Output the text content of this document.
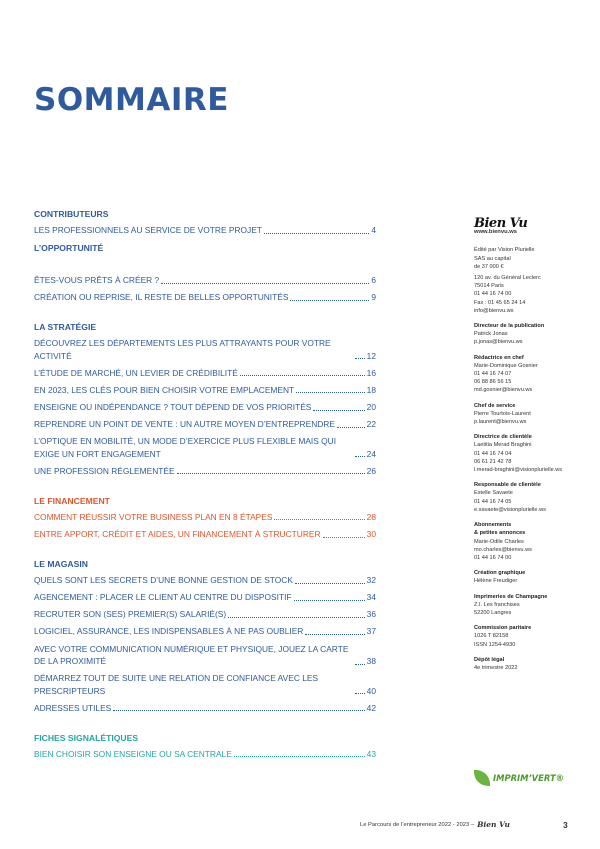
SOMMAIRE
CONTRIBUTEURS
LES PROFESSIONNELS AU SERVICE DE VOTRE PROJET	4
L’OPPORTUNITÉ
ÊTES-VOUS PRÊTS À CRÉER ?	6
CRÉATION OU REPRISE, IL RESTE DE BELLES OPPORTUNITÉS	9
LA STRATÉGIE
DÉCOUVREZ LES DÉPARTEMENTS LES PLUS ATTRAYANTS POUR VOTRE ACTIVITÉ	12
L’ÉTUDE DE MARCHÉ, UN LEVIER DE CRÉDIBILITÉ	16
EN 2023, LES CLÉS POUR BIEN CHOISIR VOTRE EMPLACEMENT	18
ENSEIGNE OU INDÉPENDANCE ? TOUT DÉPEND DE VOS PRIORITÉS	20
REPRENDRE UN POINT DE VENTE : UN AUTRE MOYEN D’ENTREPRENDRE	22
L’OPTIQUE EN MOBILITÉ, UN MODE D’EXERCICE PLUS FLEXIBLE MAIS QUI EXIGE UN FORT ENGAGEMENT	24
UNE PROFESSION RÉGLEMENTÉE	26
LE FINANCEMENT
COMMENT RÉUSSIR VOTRE BUSINESS PLAN EN 8 ÉTAPES	28
ENTRE APPORT, CRÉDIT ET AIDES, UN FINANCEMENT À STRUCTURER	30
LE MAGASIN
QUELS SONT LES SECRETS D’UNE BONNE GESTION DE STOCK	32
AGENCEMENT : PLACER LE CLIENT AU CENTRE DU DISPOSITIF	34
RECRUTER SON (SES) PREMIER(S) SALARIÉ(S)	36
LOGICIEL, ASSURANCE, LES INDISPENSABLES À NE PAS OUBLIER	37
AVEC VOTRE COMMUNICATION NUMÉRIQUE ET PHYSIQUE, JOUEZ LA CARTE DE LA PROXIMITÉ	38
DÉMARREZ TOUT DE SUITE UNE RELATION DE CONFIANCE AVEC LES PRESCRIPTEURS	40
ADRESSES UTILES	42
FICHES SIGNALÉTIQUES
BIEN CHOISIR SON ENSEIGNE OU SA CENTRALE	43
Bien Vu
www.bienvu.ws
Édité par Vision Plurielle
SAS au capital
de 37 000 €
120 av. du Général Leclerc
75014 Paris
01 44 16 74 00
Fax : 01 45 65 24 14
info@bienvu.ws
Directeur de la publication
Patrick Jonas
p.jonas@bienvu.ws
Rédactrice en chef
Marie-Dominique Gosnier
01 44 16 74 07
06 88 86 56 15
md.gosnier@bienvu.ws
Chef de service
Pierre Tourtois-Laurent
p.laurent@bienvu.ws
Directrice de clientèle
Laetitia Merad Braghini
01 44 16 74 04
06 61 21 42 78
l.merad-braghini@visionplurielle.ws
Responsable de clientèle
Estelle Savaete
01 44 16 74 05
e.savaete@visionplurielle.ws
Abonnements
& petites annonces
Marie-Odile Charles
mo.charles@bienvu.ws
01 44 16 74 00
Création graphique
Hélène Freudiger
Imprimeries de Champagne
Z.I. Les franchises
52200 Langres
Commission paritaire
1026 T 82158
ISSN 1254-4930
Dépôt légal
4e trimestre 2022
IMPRIM’VERT®
Le Parcours de l’entrepreneur 2022 - 2023 – Bien Vu	3
